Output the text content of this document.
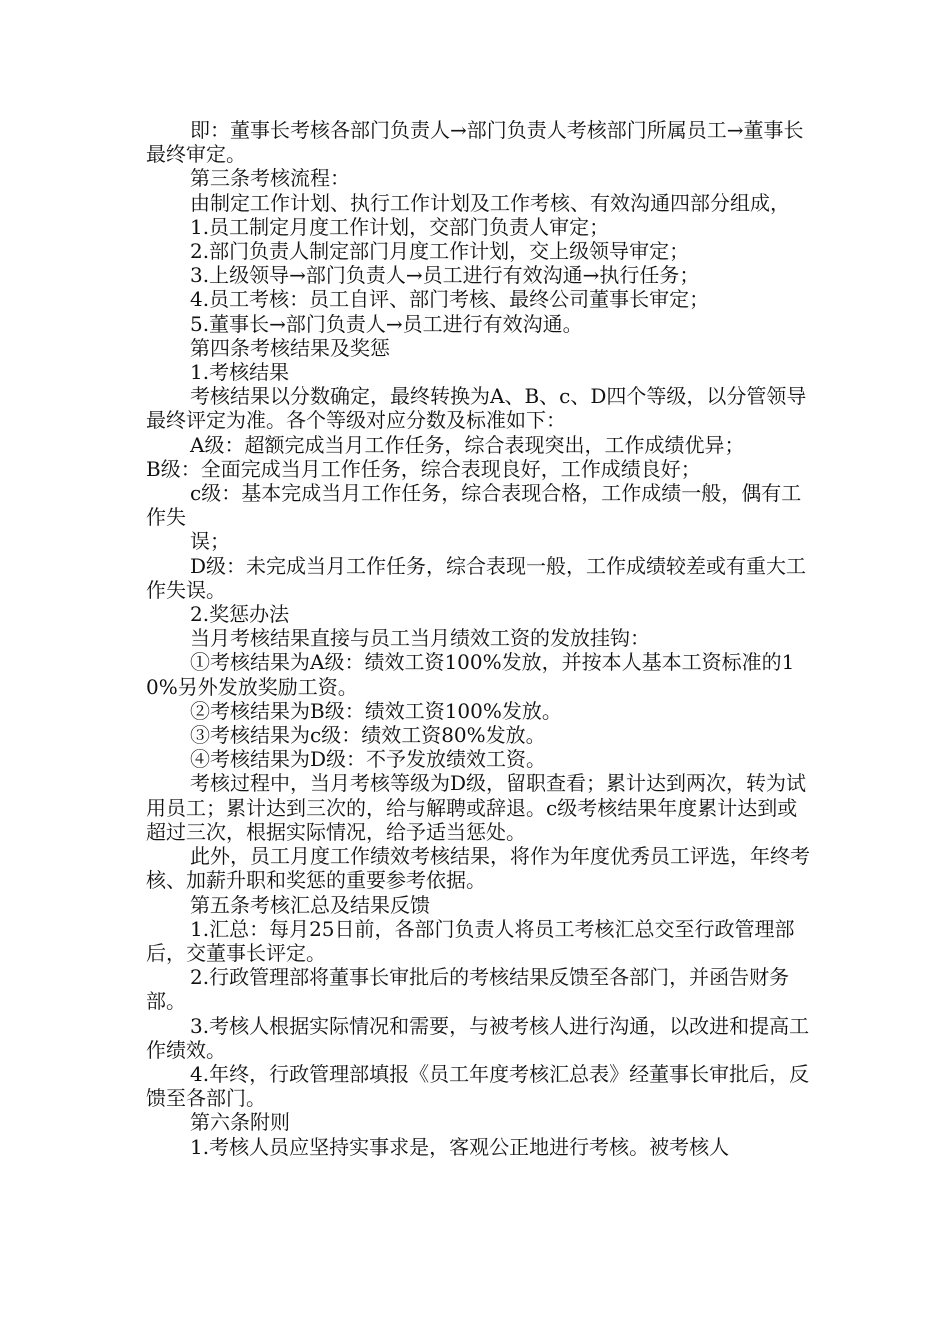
即：董事长考核各部门负责人→部门负责人考核部门所属员工→董事长最终审定。

第三条考核流程：

由制定工作计划、执行工作计划及工作考核、有效沟通四部分组成，

1.员工制定月度工作计划，交部门负责人审定；

2.部门负责人制定部门月度工作计划，交上级领导审定；

3.上级领导→部门负责人→员工进行有效沟通→执行任务；

4.员工考核：员工自评、部门考核、最终公司董事长审定；

5.董事长→部门负责人→员工进行有效沟通。

第四条考核结果及奖惩

1.考核结果

考核结果以分数确定，最终转换为A、B、c、D四个等级，以分管领导最终评定为准。各个等级对应分数及标准如下：

A级：超额完成当月工作任务，综合表现突出，工作成绩优异；

B级：全面完成当月工作任务，综合表现良好，工作成绩良好；

c级：基本完成当月工作任务，综合表现合格，工作成绩一般，偶有工作失

误；

D级：未完成当月工作任务，综合表现一般，工作成绩较差或有重大工作失误。

2.奖惩办法

当月考核结果直接与员工当月绩效工资的发放挂钩：

①考核结果为A级：绩效工资100%发放，并按本人基本工资标准的10%另外发放奖励工资。

②考核结果为B级：绩效工资100%发放。

③考核结果为c级：绩效工资80%发放。

④考核结果为D级：不予发放绩效工资。

考核过程中，当月考核等级为D级，留职查看；累计达到两次，转为试用员工；累计达到三次的，给与解聘或辞退。c级考核结果年度累计达到或超过三次，根据实际情况，给予适当惩处。

此外，员工月度工作绩效考核结果，将作为年度优秀员工评选，年终考核、加薪升职和奖惩的重要参考依据。

第五条考核汇总及结果反馈

1.汇总：每月25日前，各部门负责人将员工考核汇总交至行政管理部后，交董事长评定。

2.行政管理部将董事长审批后的考核结果反馈至各部门，并函告财务部。

3.考核人根据实际情况和需要，与被考核人进行沟通，以改进和提高工作绩效。

4.年终，行政管理部填报《员工年度考核汇总表》经董事长审批后，反馈至各部门。

第六条附则

1.考核人员应坚持实事求是，客观公正地进行考核。被考核人
